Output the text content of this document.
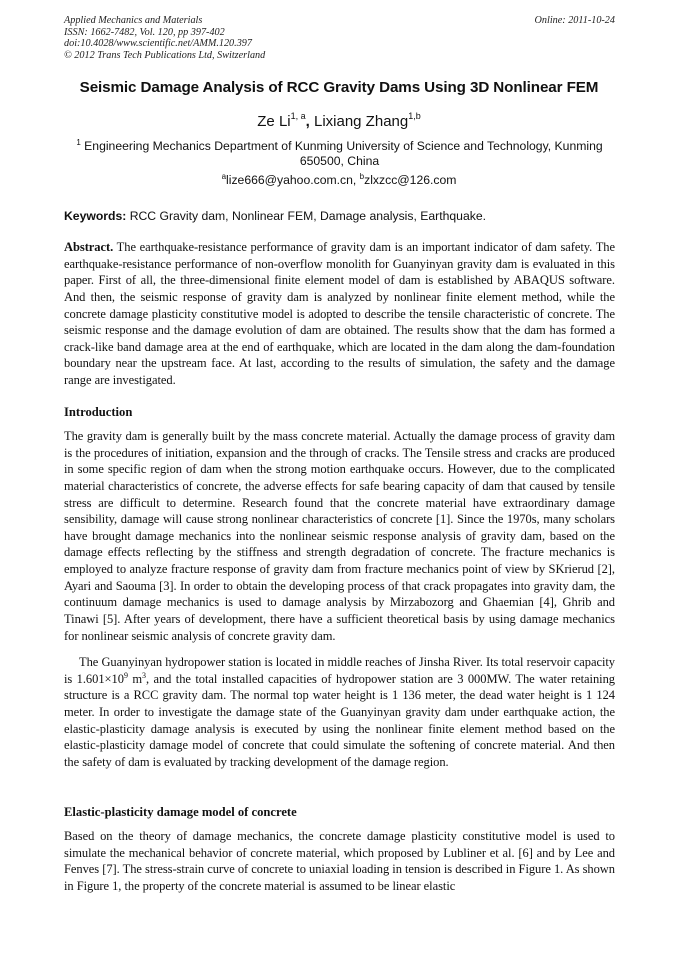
Applied Mechanics and Materials
ISSN: 1662-7482, Vol. 120, pp 397-402
doi:10.4028/www.scientific.net/AMM.120.397
© 2012 Trans Tech Publications Ltd, Switzerland
Online: 2011-10-24
Seismic Damage Analysis of RCC Gravity Dams Using 3D Nonlinear FEM
Ze Li$^{1, a}$, Lixiang Zhang$^{1,b}$
$^1$ Engineering Mechanics Department of Kunming University of Science and Technology, Kunming 650500, China
$^a$lize666@yahoo.com.cn, $^b$zlxzcc@126.com
Keywords: RCC Gravity dam, Nonlinear FEM, Damage analysis, Earthquake.

Abstract. The earthquake-resistance performance of gravity dam is an important indicator of dam safety. The earthquake-resistance performance of non-overflow monolith for Guanyinyan gravity dam is evaluated in this paper. First of all, the three-dimensional finite element model of dam is established by ABAQUS software. And then, the seismic response of gravity dam is analyzed by nonlinear finite element method, while the concrete damage plasticity constitutive model is adopted to describe the tensile characteristic of concrete. The seismic response and the damage evolution of dam are obtained. The results show that the dam has formed a crack-like band damage area at the end of earthquake, which are located in the dam along the dam-foundation boundary near the upstream face. At last, according to the results of simulation, the safety and the damage range are investigated.

Introduction

The gravity dam is generally built by the mass concrete material. Actually the damage process of gravity dam is the procedures of initiation, expansion and the through of cracks. The Tensile stress and cracks are produced in some specific region of dam when the strong motion earthquake occurs. However, due to the complicated material characteristics of concrete, the adverse effects for safe bearing capacity of dam that caused by tensile stress are difficult to determine. Research found that the concrete material have extraordinary damage sensibility, damage will cause strong nonlinear characteristics of concrete [1]. Since the 1970s, many scholars have brought damage mechanics into the nonlinear seismic response analysis of gravity dam, based on the damage effects reflecting by the stiffness and strength degradation of concrete. The fracture mechanics is employed to analyze fracture response of gravity dam from fracture mechanics point of view by SKrierud [2], Ayari and Saouma [3]. In order to obtain the developing process of that crack propagates into gravity dam, the continuum damage mechanics is used to damage analysis by Mirzabozorg and Ghaemian [4], Ghrib and Tinawi [5]. After years of development, there have a sufficient theoretical basis by using damage mechanics for nonlinear seismic analysis of concrete gravity dam.

The Guanyinyan hydropower station is located in middle reaches of Jinsha River. Its total reservoir capacity is $1.601\times 10^9$ $m^3$, and the total installed capacities of hydropower station are 3 000MW. The water retaining structure is a RCC gravity dam. The normal top water height is 1 136 meter, the dead water height is 1 124 meter. In order to investigate the damage state of the Guanyinyan gravity dam under earthquake action, the elastic-plasticity damage analysis is executed by using the nonlinear finite element method based on the elastic-plasticity damage model of concrete that could simulate the softening of concrete material. And then the safety of dam is evaluated by tracking development of the damage region.

Elastic-plasticity damage model of concrete

Based on the theory of damage mechanics, the concrete damage plasticity constitutive model is used to simulate the mechanical behavior of concrete material, which proposed by Lubliner et al. [6] and by Lee and Fenves [7]. The stress-strain curve of concrete to uniaxial loading in tension is described in Figure 1. As shown in Figure 1, the property of the concrete material is assumed to be linear elastic
